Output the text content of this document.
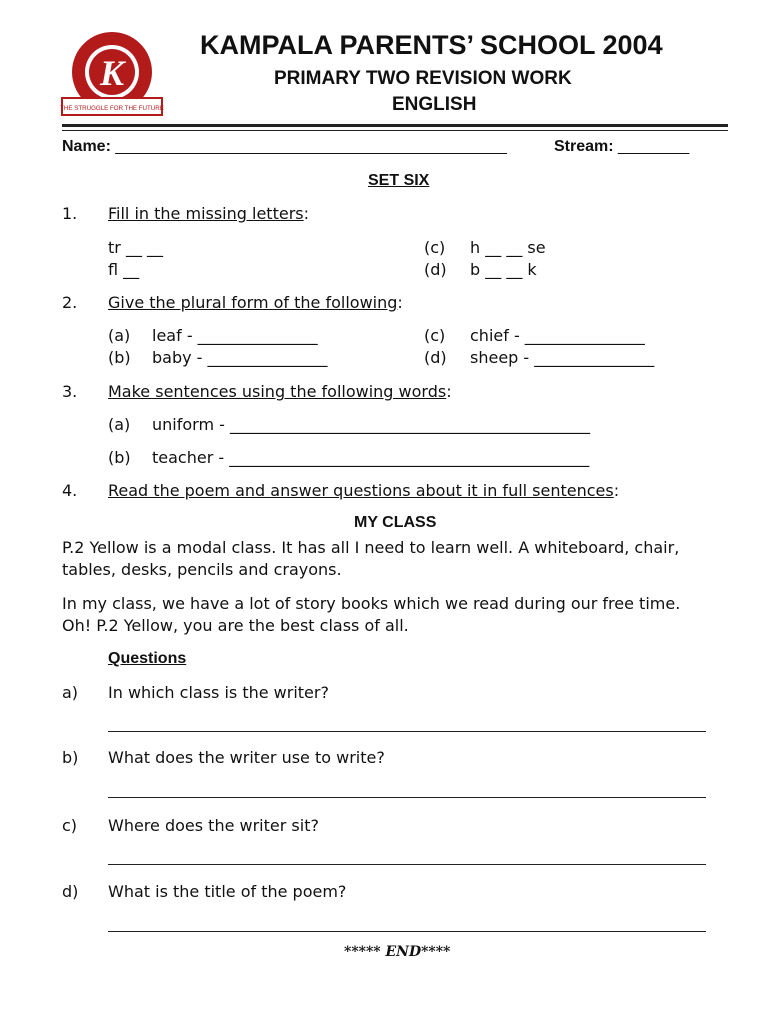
K
THE STRUGGLE FOR THE FUTURE
KAMPALA PARENTS’ SCHOOL 2004
PRIMARY TWO REVISION WORK
ENGLISH
Name: ____________________________________________	Stream: ________
SET SIX
1. Fill in the missing letters:
tr __ __
fl __
(c) h __ __ se
(d) b __ __ k
2. Give the plural form of the following:
(a) leaf - _______________
(b) baby - _______________
(c) chief - _______________
(d) sheep - _______________
3. Make sentences using the following words:
(a) uniform - _____________________________________________
(b) teacher - _____________________________________________
4. Read the poem and answer questions about it in full sentences:
MY CLASS
P.2 Yellow is a modal class. It has all I need to learn well. A whiteboard, chair,
tables, desks, pencils and crayons.
In my class, we have a lot of story books which we read during our free time.
Oh! P.2 Yellow, you are the best class of all.
Questions
a) In which class is the writer?
b) What does the writer use to write?
c) Where does the writer sit?
d) What is the title of the poem?
***** END****
